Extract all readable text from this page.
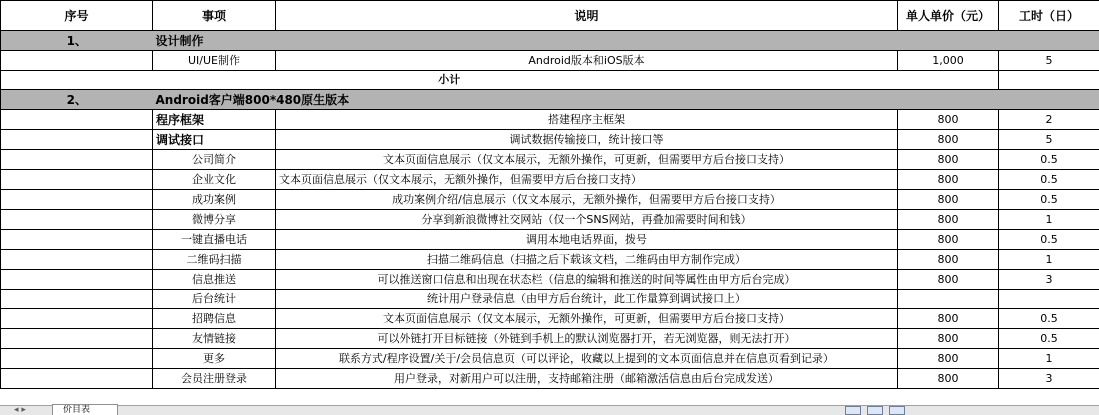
序号	事项	说明	单人单价（元）	工时（日）
1、	设计制作			
	UI/UE制作	Android版本和iOS版本	1,000	5
小计				
2、	Android客户端800*480原生版本			
	程序框架	搭建程序主框架	800	2
	调试接口	调试数据传输接口，统计接口等	800	5
	公司简介	文本页面信息展示（仅文本展示，无额外操作，可更新，但需要甲方后台接口支持）	800	0.5
	企业文化	文本页面信息展示（仅文本展示，无额外操作，但需要甲方后台接口支持）	800	0.5
	成功案例	成功案例介绍/信息展示（仅文本展示，无额外操作，但需要甲方后台接口支持）	800	0.5
	微博分享	分享到新浪微博社交网站（仅一个SNS网站，再叠加需要时间和钱）	800	1
	一键直播电话	调用本地电话界面，拨号	800	0.5
	二维码扫描	扫描二维码信息（扫描之后下载该文档，二维码由甲方制作完成）	800	1
	信息推送	可以推送窗口信息和出现在状态栏（信息的编辑和推送的时间等属性由甲方后台完成）	800	3
	后台统计	统计用户登录信息（由甲方后台统计，此工作量算到调试接口上）		
	招聘信息	文本页面信息展示（仅文本展示，无额外操作，可更新，但需要甲方后台接口支持）	800	0.5
	友情链接	可以外链打开目标链接（外链到手机上的默认浏览器打开，若无浏览器，则无法打开）	800	0.5
	更多	联系方式/程序设置/关于/会员信息页（可以评论，收藏以上提到的文本页面信息并在信息页看到记录）	800	1
	会员注册登录	用户登录，对新用户可以注册，支持邮箱注册（邮箱激活信息由后台完成发送）	800	3
◂ ▸	价目表
